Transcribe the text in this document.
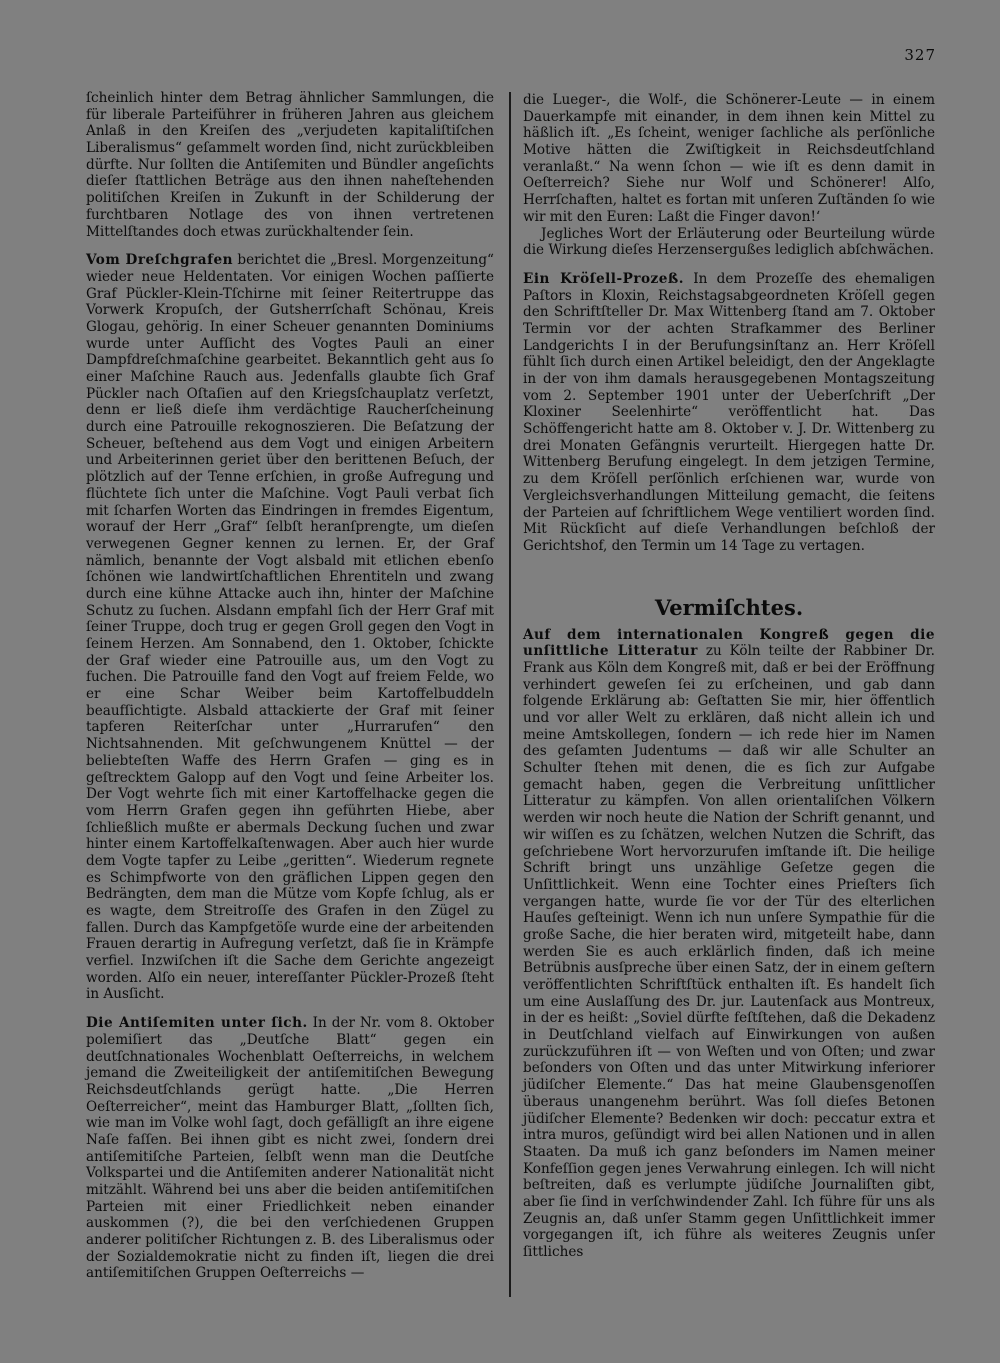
327

ſcheinlich hinter dem Betrag ähnlicher Sammlungen, die für liberale Parteiführer in früheren Jahren aus gleichem Anlaß in den Kreiſen des „verjudeten kapitaliſtiſchen Liberalismus“ geſammelt worden ſind, nicht zurückbleiben dürfte. Nur ſollten die Antiſemiten und Bündler angeſichts dieſer ſtattlichen Beträge aus den ihnen naheſtehenden politiſchen Kreiſen in Zukunft in der Schilderung der furchtbaren Notlage des von ihnen vertretenen Mittelſtandes doch etwas zurückhaltender ſein.

Vom Dreſchgrafen berichtet die „Bresl. Morgenzeitung“ wieder neue Heldentaten. Vor einigen Wochen paſſierte Graf Pückler-Klein-Tſchirne mit ſeiner Reitertruppe das Vorwerk Kropuſch, der Gutsherrſchaft Schönau, Kreis Glogau, gehörig. In einer Scheuer genannten Dominiums wurde unter Aufſicht des Vogtes Pauli an einer Dampfdreſchmaſchine gearbeitet. Bekanntlich geht aus ſo einer Maſchine Rauch aus. Jedenfalls glaubte ſich Graf Pückler nach Oſtaſien auf den Kriegsſchauplatz verſetzt, denn er ließ dieſe ihm verdächtige Raucherſcheinung durch eine Patrouille rekognoszieren. Die Beſatzung der Scheuer, beſtehend aus dem Vogt und einigen Arbeitern und Arbeiterinnen geriet über den berittenen Beſuch, der plötzlich auf der Tenne erſchien, in große Aufregung und flüchtete ſich unter die Maſchine. Vogt Pauli verbat ſich mit ſcharfen Worten das Eindringen in fremdes Eigentum, worauf der Herr „Graf“ ſelbſt heranſprengte, um dieſen verwegenen Gegner kennen zu lernen. Er, der Graf nämlich, benannte der Vogt alsbald mit etlichen ebenſo ſchönen wie landwirtſchaftlichen Ehrentiteln und zwang durch eine kühne Attacke auch ihn, hinter der Maſchine Schutz zu ſuchen. Alsdann empfahl ſich der Herr Graf mit ſeiner Truppe, doch trug er gegen Groll gegen den Vogt in ſeinem Herzen. Am Sonnabend, den 1. Oktober, ſchickte der Graf wieder eine Patrouille aus, um den Vogt zu fuchen. Die Patrouille fand den Vogt auf freiem Felde, wo er eine Schar Weiber beim Kartoffelbuddeln beaufſichtigte. Alsbald attackierte der Graf mit ſeiner tapferen Reiterſchar unter „Hurrarufen“ den Nichtsahnenden. Mit geſchwungenem Knüttel — der beliebteſten Waffe des Herrn Grafen — ging es in geſtrecktem Galopp auf den Vogt und ſeine Arbeiter los. Der Vogt wehrte ſich mit einer Kartoffelhacke gegen die vom Herrn Grafen gegen ihn geführten Hiebe, aber ſchließlich mußte er abermals Deckung ſuchen und zwar hinter einem Kartoffelkaſtenwagen. Aber auch hier wurde dem Vogte tapfer zu Leibe „geritten“. Wiederum regnete es Schimpfworte von den gräflichen Lippen gegen den Bedrängten, dem man die Mütze vom Kopfe ſchlug, als er es wagte, dem Streitroſſe des Grafen in den Zügel zu fallen. Durch das Kampfgetöſe wurde eine der arbeitenden Frauen derartig in Aufregung verſetzt, daß ſie in Krämpfe verfiel. Inzwiſchen iſt die Sache dem Gerichte angezeigt worden. Alſo ein neuer, intereſſanter Pückler-Prozeß ſteht in Ausſicht.

Die Antiſemiten unter ſich. In der Nr. vom 8. Oktober polemiſiert das „Deutſche Blatt“ gegen ein deutſchnationales Wochenblatt Oeſterreichs, in welchem jemand die Zweiteiligkeit der antiſemitiſchen Bewegung Reichsdeutſchlands gerügt hatte. „Die Herren Oeſterreicher“, meint das Hamburger Blatt, „ſollten ſich, wie man im Volke wohl ſagt, doch gefälligſt an ihre eigene Naſe faſſen. Bei ihnen gibt es nicht zwei, ſondern drei antiſemitiſche Parteien, ſelbſt wenn man die Deutſche Volkspartei und die Antiſemiten anderer Nationalität nicht mitzählt. Während bei uns aber die beiden antiſemitiſchen Parteien mit einer Friedlichkeit neben einander auskommen (?), die bei den verſchiedenen Gruppen anderer politiſcher Richtungen z. B. des Liberalismus oder der Sozialdemokratie nicht zu finden iſt, liegen die drei antiſemitiſchen Gruppen Oeſterreichs —

die Lueger-, die Wolf-, die Schönerer-Leute — in einem Dauerkampfe mit einander, in dem ihnen kein Mittel zu häßlich iſt. „Es ſcheint, weniger ſachliche als perſönliche Motive hätten die Zwiſtigkeit in Reichsdeutſchland veranlaßt.“ Na wenn ſchon — wie iſt es denn damit in Oeſterreich? Siehe nur Wolf und Schönerer! Alſo, Herrſchaften, haltet es fortan mit unſeren Zuſtänden ſo wie wir mit den Euren: Laßt die Finger davon!‘

Jegliches Wort der Erläuterung oder Beurteilung würde die Wirkung dieſes Herzensergußes lediglich abſchwächen.

Ein Kröſell-Prozeß. In dem Prozeſſe des ehemaligen Paſtors in Kloxin, Reichstagsabgeordneten Kröſell gegen den Schriftſteller Dr. Max Wittenberg ſtand am 7. Oktober Termin vor der achten Strafkammer des Berliner Landgerichts I in der Berufungsinſtanz an. Herr Kröſell fühlt ſich durch einen Artikel beleidigt, den der Angeklagte in der von ihm damals herausgegebenen Montagszeitung vom 2. September 1901 unter der Ueberſchrift „Der Kloxiner Seelenhirte“ veröffentlicht hat. Das Schöffengericht hatte am 8. Oktober v. J. Dr. Wittenberg zu drei Monaten Gefängnis verurteilt. Hiergegen hatte Dr. Wittenberg Berufung eingelegt. In dem jetzigen Termine, zu dem Kröſell perſönlich erſchienen war, wurde von Vergleichsverhandlungen Mitteilung gemacht, die ſeitens der Parteien auf ſchriftlichem Wege ventiliert worden ſind. Mit Rückſicht auf dieſe Verhandlungen beſchloß der Gerichtshof, den Termin um 14 Tage zu vertagen.

Vermiſchtes.

Auf dem internationalen Kongreß gegen die unſittliche Litteratur zu Köln teilte der Rabbiner Dr. Frank aus Köln dem Kongreß mit, daß er bei der Eröffnung verhindert geweſen ſei zu erſcheinen, und gab dann folgende Erklärung ab: Geſtatten Sie mir, hier öffentlich und vor aller Welt zu erklären, daß nicht allein ich und meine Amtskollegen, ſondern — ich rede hier im Namen des geſamten Judentums — daß wir alle Schulter an Schulter ſtehen mit denen, die es ſich zur Aufgabe gemacht haben, gegen die Verbreitung unſittlicher Litteratur zu kämpfen. Von allen orientaliſchen Völkern werden wir noch heute die Nation der Schrift genannt, und wir wiſſen es zu ſchätzen, welchen Nutzen die Schrift, das geſchriebene Wort hervorzurufen imſtande iſt. Die heilige Schrift bringt uns unzählige Geſetze gegen die Unſittlichkeit. Wenn eine Tochter eines Prieſters ſich vergangen hatte, wurde ſie vor der Tür des elterlichen Hauſes geſteinigt. Wenn ich nun unſere Sympathie für die große Sache, die hier beraten wird, mitgeteilt habe, dann werden Sie es auch erklärlich finden, daß ich meine Betrübnis ausſpreche über einen Satz, der in einem geſtern veröffentlichten Schriftſtück enthalten iſt. Es handelt ſich um eine Auslaſſung des Dr. jur. Lautenſack aus Montreux, in der es heißt: „Soviel dürfte feſtſtehen, daß die Dekadenz in Deutſchland vielfach auf Einwirkungen von außen zurückzuführen iſt — von Weſten und von Oſten; und zwar beſonders von Oſten und das unter Mitwirkung inferiorer jüdiſcher Elemente.“ Das hat meine Glaubensgenoſſen überaus unangenehm berührt. Was ſoll dieſes Betonen jüdiſcher Elemente? Bedenken wir doch: peccatur extra et intra muros, geſündigt wird bei allen Nationen und in allen Staaten. Da muß ich ganz beſonders im Namen meiner Konfeſſion gegen jenes Verwahrung einlegen. Ich will nicht beſtreiten, daß es verlumpte jüdiſche Journaliſten gibt, aber ſie ſind in verſchwindender Zahl. Ich führe für uns als Zeugnis an, daß unſer Stamm gegen Unſittlichkeit immer vorgegangen iſt, ich führe als weiteres Zeugnis unſer ſittliches
